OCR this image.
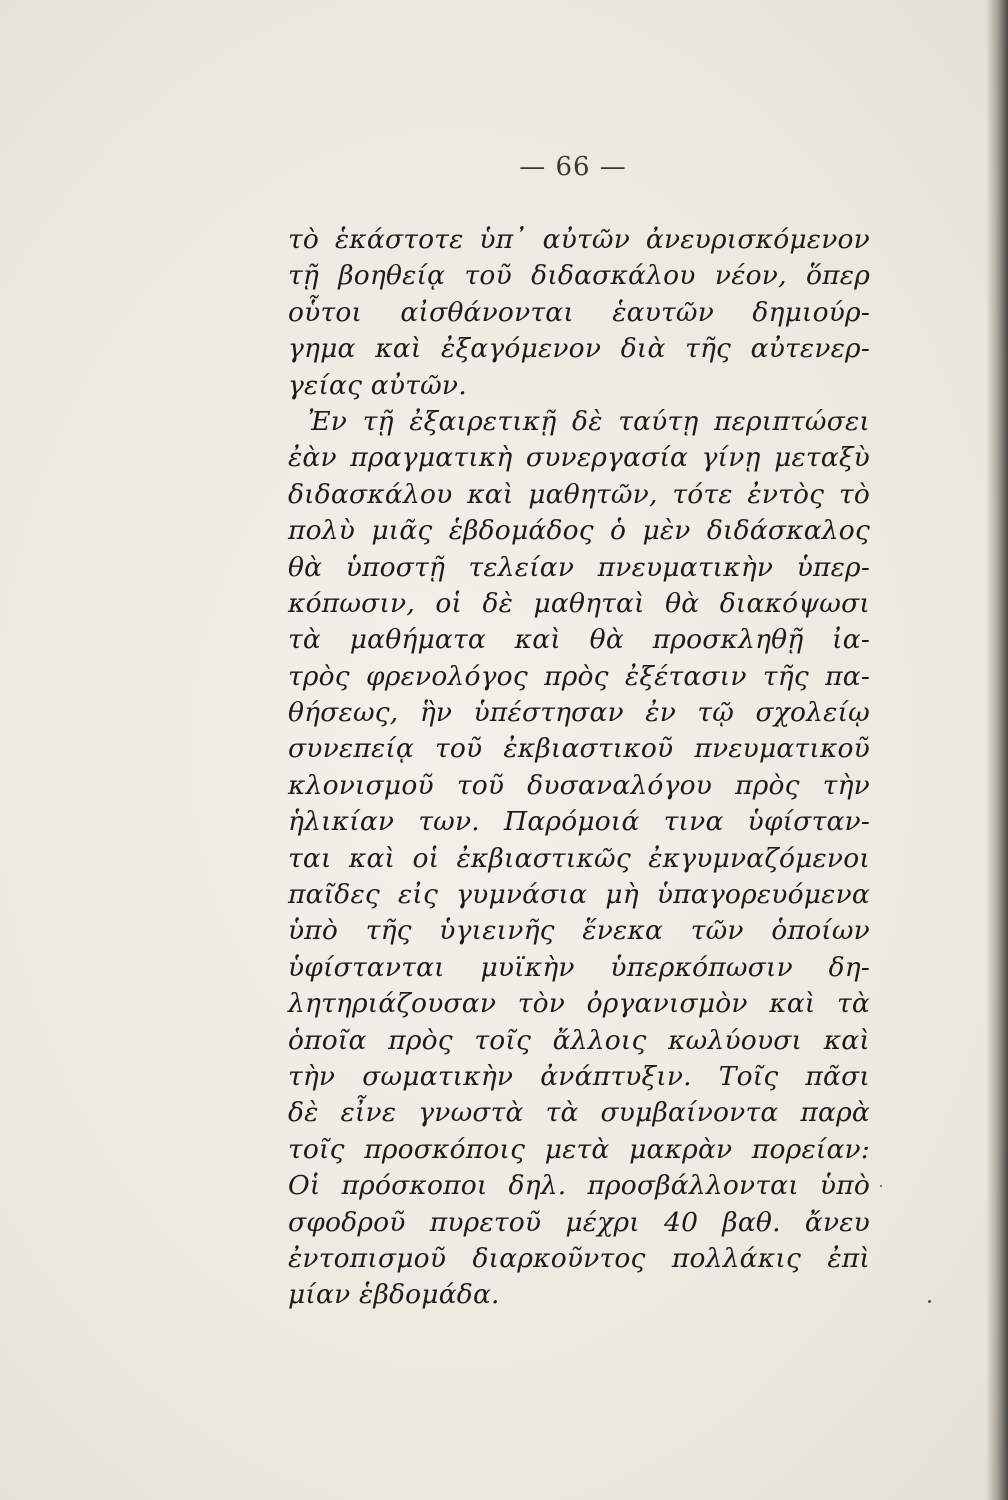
— 66 —
τὸ ἑκάστοτε ὑπ᾿ αὐτῶν ἀνευρισκόμενον
τῇ βοηθείᾳ τοῦ διδασκάλου νέον, ὅπερ
οὗτοι αἰσθάνονται ἑαυτῶν δημιούρ-
γημα καὶ ἐξαγόμενον διὰ τῆς αὐτενερ-
γείας αὐτῶν.
Ἐν τῇ ἐξαιρετικῇ δὲ ταύτῃ περιπτώσει
ἐὰν πραγματικὴ συνεργασία γίνῃ μεταξὺ
διδασκάλου καὶ μαθητῶν, τότε ἐντὸς τὸ
πολὺ μιᾶς ἑβδομάδος ὁ μὲν διδάσκαλος
θὰ ὑποστῇ τελείαν πνευματικὴν ὑπερ-
κόπωσιν, οἱ δὲ μαθηταὶ θὰ διακόψωσι
τὰ μαθήματα καὶ θὰ προσκληθῇ ἰα-
τρὸς φρενολόγος πρὸς ἐξέτασιν τῆς πα-
θήσεως, ἣν ὑπέστησαν ἐν τῷ σχολείῳ
συνεπείᾳ τοῦ ἐκβιαστικοῦ πνευματικοῦ
κλονισμοῦ τοῦ δυσαναλόγου πρὸς τὴν
ἡλικίαν των. Παρόμοιά τινα ὑφίσταν-
ται καὶ οἱ ἐκβιαστικῶς ἐκγυμναζόμενοι
παῖδες εἰς γυμνάσια μὴ ὑπαγορευόμενα
ὑπὸ τῆς ὑγιεινῆς ἕνεκα τῶν ὁποίων
ὑφίστανται μυϊκὴν ὑπερκόπωσιν δη-
λητηριάζουσαν τὸν ὀργανισμὸν καὶ τὰ
ὁποῖα πρὸς τοῖς ἄλλοις κωλύουσι καὶ
τὴν σωματικὴν ἀνάπτυξιν. Τοῖς πᾶσι
δὲ εἶνε γνωστὰ τὰ συμβαίνοντα παρὰ
τοῖς προσκόποις μετὰ μακρὰν πορείαν:
Οἱ πρόσκοποι δηλ. προσβάλλονται ὑπὸ
σφοδροῦ πυρετοῦ μέχρι 40 βαθ. ἄνευ
ἐντοπισμοῦ διαρκοῦντος πολλάκις ἐπὶ
μίαν ἑβδομάδα.
